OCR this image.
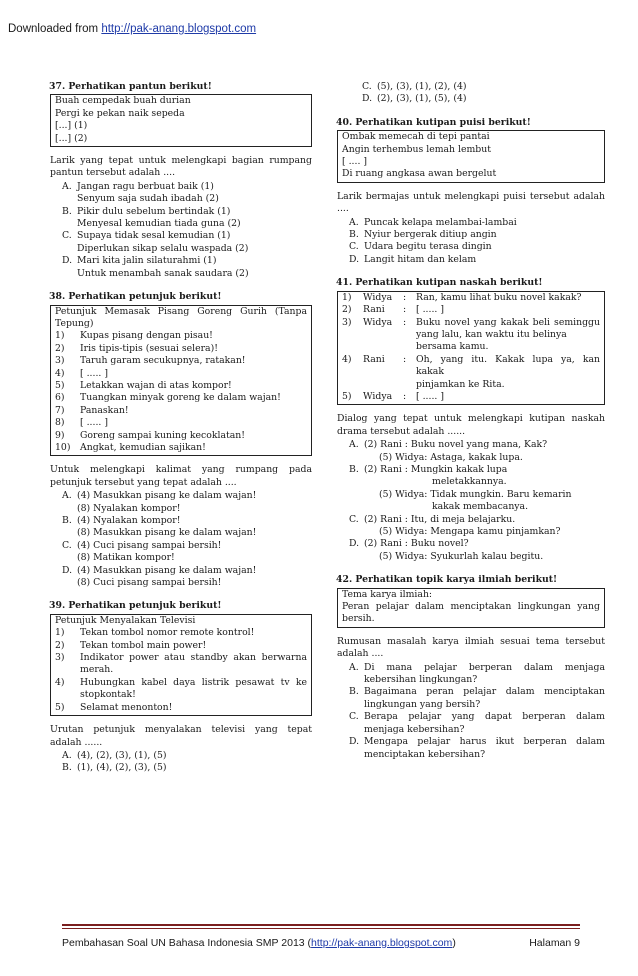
Downloaded from http://pak-anang.blogspot.com
37. Perhatikan pantun berikut!
Buah cempedak buah durian
Pergi ke pekan naik sepeda
[...] (1)
[...] (2)
Larik yang tepat untuk melengkapi bagian rumpang pantun tersebut adalah ....
A. Jangan ragu berbuat baik (1)
Senyum saja sudah ibadah (2)
B. Pikir dulu sebelum bertindak (1)
Menyesal kemudian tiada guna (2)
C. Supaya tidak sesal kemudian (1)
Diperlukan sikap selalu waspada (2)
D. Mari kita jalin silaturahmi (1)
Untuk menambah sanak saudara (2)
38. Perhatikan petunjuk berikut!
Petunjuk Memasak Pisang Goreng Gurih (Tanpa Tepung)
1)	Kupas pisang dengan pisau!
2)	Iris tipis-tipis (sesuai selera)!
3)	Taruh garam secukupnya, ratakan!
4)	[ ..... ]
5)	Letakkan wajan di atas kompor!
6)	Tuangkan minyak goreng ke dalam wajan!
7)	Panaskan!
8)	[ ..... ]
9)	Goreng sampai kuning kecoklatan!
10)	Angkat, kemudian sajikan!
Untuk melengkapi kalimat yang rumpang pada petunjuk tersebut yang tepat adalah ....
A. (4) Masukkan pisang ke dalam wajan!
(8) Nyalakan kompor!
B. (4) Nyalakan kompor!
(8) Masukkan pisang ke dalam wajan!
C. (4) Cuci pisang sampai bersih!
(8) Matikan kompor!
D. (4) Masukkan pisang ke dalam wajan!
(8) Cuci pisang sampai bersih!
39. Perhatikan petunjuk berikut!
Petunjuk Menyalakan Televisi
1)	Tekan tombol nomor remote kontrol!
2)	Tekan tombol main power!
3)	Indikator power atau standby akan berwarna merah.
4)	Hubungkan kabel daya listrik pesawat tv ke stopkontak!
5)	Selamat menonton!
Urutan petunjuk menyalakan televisi yang tepat adalah ......
A. (4), (2), (3), (1), (5)
B. (1), (4), (2), (3), (5)
C. (5), (3), (1), (2), (4)
D. (2), (3), (1), (5), (4)
40. Perhatikan kutipan puisi berikut!
Ombak memecah di tepi pantai
Angin terhembus lemah lembut
[ .... ]
Di ruang angkasa awan bergelut
Larik bermajas untuk melengkapi puisi tersebut adalah ....
A. Puncak kelapa melambai-lambai
B. Nyiur bergerak ditiup angin
C. Udara begitu terasa dingin
D. Langit hitam dan kelam
41. Perhatikan kutipan naskah berikut!
1)	Widya	:	Ran, kamu lihat buku novel kakak?
2)	Rani	:	[ ..... ]
3)	Widya	:	Buku novel yang kakak beli seminggu yang lalu, kan waktu itu belinya
bersama kamu.
4)	Rani	:	Oh, yang itu. Kakak lupa ya, kan kakak
pinjamkan ke Rita.
5)	Widya	:	[ ..... ]
Dialog yang tepat untuk melengkapi kutipan naskah drama tersebut adalah ......
A. (2) Rani : Buku novel yang mana, Kak?
(5) Widya: Astaga, kakak lupa.
B. (2) Rani : Mungkin kakak lupa
meletakkannya.
(5) Widya: Tidak mungkin. Baru kemarin
kakak membacanya.
C. (2) Rani : Itu, di meja belajarku.
(5) Widya: Mengapa kamu pinjamkan?
D. (2) Rani : Buku novel?
(5) Widya: Syukurlah kalau begitu.
42. Perhatikan topik karya ilmiah berikut!
Tema karya ilmiah:
Peran pelajar dalam menciptakan lingkungan yang bersih.
Rumusan masalah karya ilmiah sesuai tema tersebut adalah ....
A. Di mana pelajar berperan dalam menjaga kebersihan lingkungan?
B. Bagaimana peran pelajar dalam menciptakan lingkungan yang bersih?
C. Berapa pelajar yang dapat berperan dalam menjaga kebersihan?
D. Mengapa pelajar harus ikut berperan dalam menciptakan kebersihan?
Pembahasan Soal UN Bahasa Indonesia SMP 2013 (http://pak-anang.blogspot.com)	Halaman 9
